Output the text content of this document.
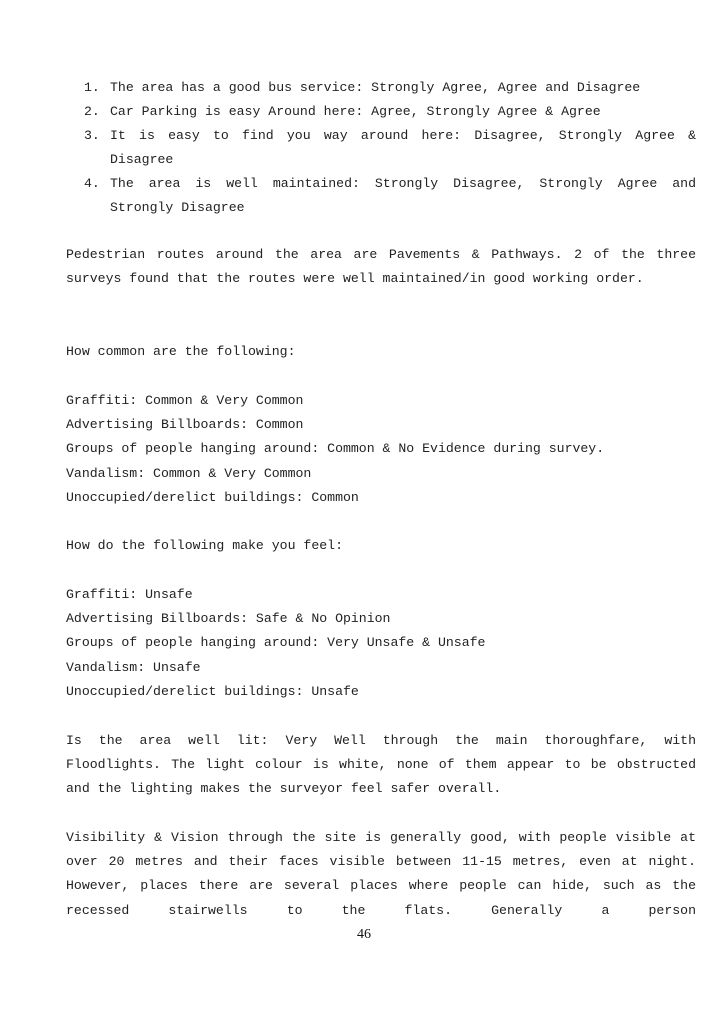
1. The area has a good bus service: Strongly Agree, Agree and Disagree
2. Car Parking is easy Around here: Agree, Strongly Agree & Agree
3. It is easy to find you way around here: Disagree, Strongly Agree & Disagree
4. The area is well maintained: Strongly Disagree, Strongly Agree and Strongly Disagree
Pedestrian routes around the area are Pavements & Pathways. 2 of the three surveys found that the routes were well maintained/in good working order.
How common are the following:
Graffiti: Common & Very Common
Advertising Billboards: Common
Groups of people hanging around: Common & No Evidence during survey.
Vandalism: Common & Very Common
Unoccupied/derelict buildings: Common
How do the following make you feel:
Graffiti: Unsafe
Advertising Billboards: Safe & No Opinion
Groups of people hanging around: Very Unsafe & Unsafe
Vandalism: Unsafe
Unoccupied/derelict buildings: Unsafe
Is the area well lit: Very Well through the main thoroughfare, with Floodlights. The light colour is white, none of them appear to be obstructed and the lighting makes the surveyor feel safer overall.
Visibility & Vision through the site is generally good, with people visible at over 20 metres and their faces visible between 11-15 metres, even at night. However, places there are several places where people can hide, such as the recessed stairwells to the flats. Generally a person
46
